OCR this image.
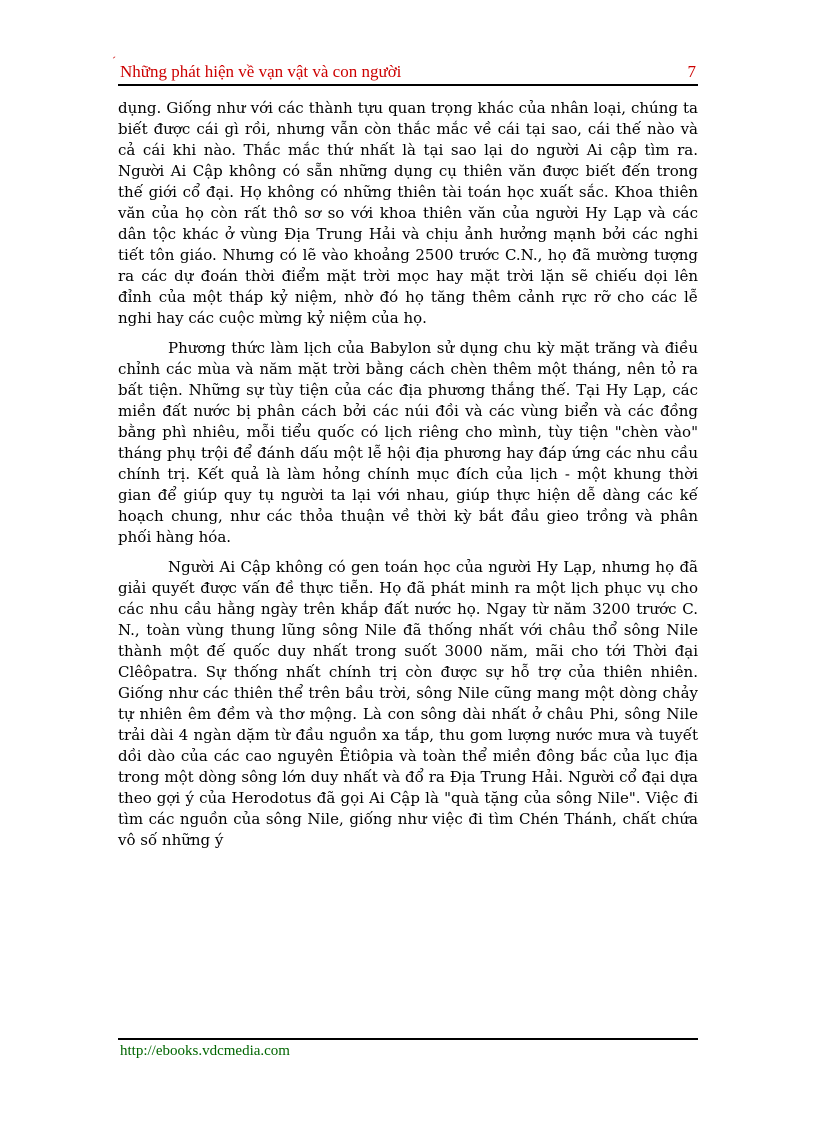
´
Những phát hiện về vạn vật và con người	7

dụng. Giống như với các thành tựu quan trọng khác của nhân loại, chúng ta biết được cái gì rồi, nhưng vẫn còn thắc mắc về cái tại sao, cái thế nào và cả cái khi nào. Thắc mắc thứ nhất là tại sao lại do người Ai cập tìm ra. Người Ai Cập không có sẵn những dụng cụ thiên văn được biết đến trong thế giới cổ đại. Họ không có những thiên tài toán học xuất sắc. Khoa thiên văn của họ còn rất thô sơ so với khoa thiên văn của người Hy Lạp và các dân tộc khác ở vùng Địa Trung Hải và chịu ảnh hưởng mạnh bởi các nghi tiết tôn giáo. Nhưng có lẽ vào khoảng 2500 trước C.N., họ đã mường tượng ra các dự đoán thời điểm mặt trời mọc hay mặt trời lặn sẽ chiếu dọi lên đỉnh của một tháp kỷ niệm, nhờ đó họ tăng thêm cảnh rực rỡ cho các lễ nghi hay các cuộc mừng kỷ niệm của họ.

Phương thức làm lịch của Babylon sử dụng chu kỳ mặt trăng và điều chỉnh các mùa và năm mặt trời bằng cách chèn thêm một tháng, nên tỏ ra bất tiện. Những sự tùy tiện của các địa phương thắng thế. Tại Hy Lạp, các miền đất nước bị phân cách bởi các núi đồi và các vùng biển và các đồng bằng phì nhiêu, mỗi tiểu quốc có lịch riêng cho mình, tùy tiện "chèn vào" tháng phụ trội để đánh dấu một lễ hội địa phương hay đáp ứng các nhu cầu chính trị. Kết quả là làm hỏng chính mục đích của lịch - một khung thời gian để giúp quy tụ người ta lại với nhau, giúp thực hiện dễ dàng các kế hoạch chung, như các thỏa thuận về thời kỳ bắt đầu gieo trồng và phân phối hàng hóa.

Người Ai Cập không có gen toán học của người Hy Lạp, nhưng họ đã giải quyết được vấn đề thực tiễn. Họ đã phát minh ra một lịch phục vụ cho các nhu cầu hằng ngày trên khắp đất nước họ. Ngay từ năm 3200 trước C. N., toàn vùng thung lũng sông Nile đã thống nhất với châu thổ sông Nile thành một đế quốc duy nhất trong suốt 3000 năm, mãi cho tới Thời đại Clêôpatra. Sự thống nhất chính trị còn được sự hỗ trợ của thiên nhiên. Giống như các thiên thể trên bầu trời, sông Nile cũng mang một dòng chảy tự nhiên êm đềm và thơ mộng. Là con sông dài nhất ở châu Phi, sông Nile trải dài 4 ngàn dặm từ đầu nguồn xa tắp, thu gom lượng nước mưa và tuyết dồi dào của các cao nguyên Êtiôpia và toàn thể miền đông bắc của lục địa trong một dòng sông lớn duy nhất và đổ ra Địa Trung Hải. Người cổ đại dựa theo gợi ý của Herodotus đã gọi Ai Cập là "quà tặng của sông Nile". Việc đi tìm các nguồn của sông Nile, giống như việc đi tìm Chén Thánh, chất chứa vô số những ý

http://ebooks.vdcmedia.com
